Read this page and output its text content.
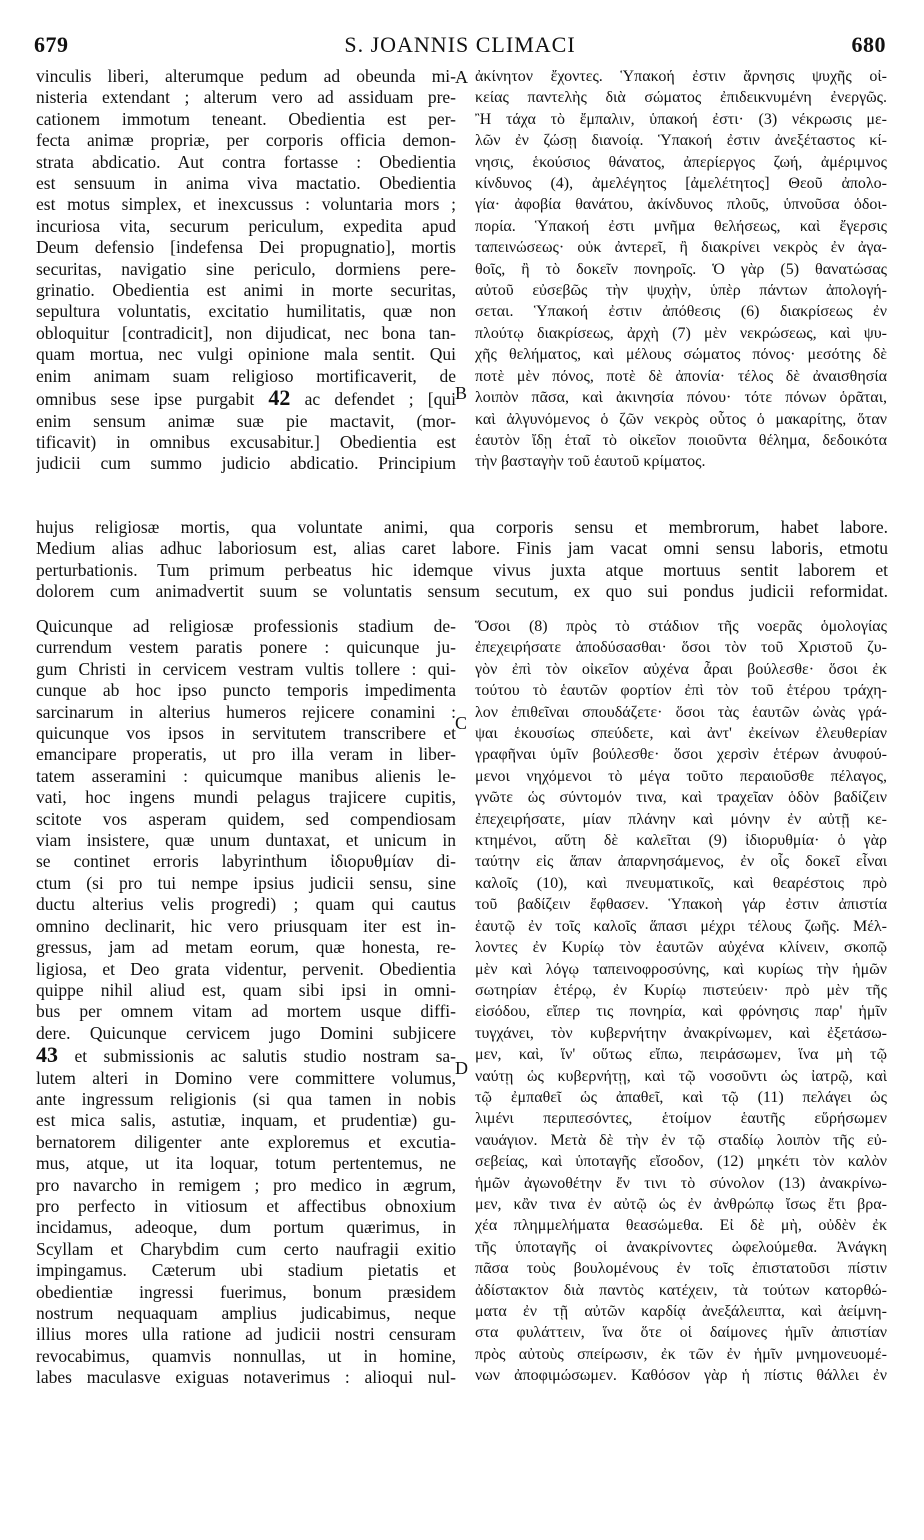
679	S. JOANNIS CLIMACI	680
vinculis liberi, alterumque pedum ad obeunda mi-
nisteria extendant ; alterum vero ad assiduam pre-
cationem immotum teneant. Obedientia est per-
fecta animæ propriæ, per corporis officia demon-
strata abdicatio. Aut contra fortasse : Obedientia
est sensuum in anima viva mactatio. Obedientia
est motus simplex, et inexcussus : voluntaria mors ;
incuriosa vita, securum periculum, expedita apud
Deum defensio [indefensa Dei propugnatio], mortis
securitas, navigatio sine periculo, dormiens pere-
grinatio. Obedientia est animi in morte securitas,
sepultura voluntatis, excitatio humilitatis, quæ non
obloquitur [contradicit], non dijudicat, nec bona tan-
quam mortua, nec vulgi opinione mala sentit. Qui
enim animam suam religioso mortificaverit, de
omnibus sese ipse purgabit 42 ac defendet ; [qui
enim sensum animæ suæ pie mactavit, (mor-
tificavit) in omnibus excusabitur.] Obedientia est
judicii cum summo judicio abdicatio. Principium
ἀκίνητον ἔχοντες. Ὑπακοή ἐστιν ἄρνησις ψυχῆς οἰ-
κείας παντελὴς διὰ σώματος ἐπιδεικνυμένη ἐνεργῶς.
Ἢ τάχα τὸ ἔμπαλιν, ὑπακοή ἐστι· (3) νέκρωσις με-
λῶν ἐν ζώσῃ διανοίᾳ. Ὑπακοή ἐστιν ἀνεξέταστος κί-
νησις, ἑκούσιος θάνατος, ἀπερίεργος ζωή, ἀμέριμνος
κίνδυνος (4), ἀμελέγητος [ἀμελέτητος] Θεοῦ ἀπολο-
γία· ἀφοβία θανάτου, ἀκίνδυνος πλοῦς, ὑπνοῦσα ὁδοι-
πορία. Ὑπακοή ἐστι μνῆμα θελήσεως, καὶ ἔγερσις
ταπεινώσεως· οὐκ ἀντερεῖ, ἢ διακρίνει νεκρὸς ἐν ἀγα-
θοῖς, ἢ τὸ δοκεῖν πονηροῖς. Ὁ γὰρ (5) θανατώσας
αὐτοῦ εὐσεβῶς τὴν ψυχὴν, ὑπὲρ πάντων ἀπολογή-
σεται. Ὑπακοή ἐστιν ἀπόθεσις (6) διακρίσεως ἐν
πλούτῳ διακρίσεως, ἀρχὴ (7) μὲν νεκρώσεως, καὶ ψυ-
χῆς θελήματος, καὶ μέλους σώματος πόνος· μεσότης δὲ
ποτὲ μὲν πόνος, ποτὲ δὲ ἀπονία· τέλος δὲ ἀναισθησία
λοιπὸν πᾶσα, καὶ ἀκινησία πόνου· τότε πόνων ὁρᾶται,
καὶ ἀλγυνόμενος ὁ ζῶν νεκρὸς οὗτος ὁ μακαρίτης, ὅταν
ἑαυτὸν ἴδῃ ἑταῖ τὸ οἰκεῖον ποιοῦντα θέλημα, δεδοικότα
τὴν βασταγὴν τοῦ ἑαυτοῦ κρίματος.
A
B
hujus religiosæ mortis, qua voluntate animi, qua corporis sensu et membrorum, habet labore.
Medium alias adhuc laboriosum est, alias caret labore. Finis jam vacat omni sensu laboris, etmotu
perturbationis. Tum primum perbeatus hic idemque vivus juxta atque mortuus sentit laborem et
dolorem cum animadvertit suum se voluntatis sensum secutum, ex quo sui pondus judicii reformidat.
Quicunque ad religiosæ professionis stadium de-
currendum vestem paratis ponere : quicunque ju-
gum Christi in cervicem vestram vultis tollere : qui-
cunque ab hoc ipso puncto temporis impedimenta
sarcinarum in alterius humeros rejicere conamini :
quicunque vos ipsos in servitutem transcribere et
emancipare properatis, ut pro illa veram in liber-
tatem asseramini : quicumque manibus alienis le-
vati, hoc ingens mundi pelagus trajicere cupitis,
scitote vos asperam quidem, sed compendiosam
viam insistere, quæ unum duntaxat, et unicum in
se continet erroris labyrinthum ἰδιορυθμίαν di-
ctum (si pro tui nempe ipsius judicii sensu, sine
ductu alterius velis progredi) ; quam qui cautus
omnino declinarit, hic vero priusquam iter est in-
gressus, jam ad metam eorum, quæ honesta, re-
ligiosa, et Deo grata videntur, pervenit. Obedientia
quippe nihil aliud est, quam sibi ipsi in omni-
bus per omnem vitam ad mortem usque diffi-
dere. Quicunque cervicem jugo Domini subjicere
43 et submissionis ac salutis studio nostram sa-
lutem alteri in Domino vere committere volumus,
ante ingressum religionis (si qua tamen in nobis
est mica salis, astutiæ, inquam, et prudentiæ) gu-
bernatorem diligenter ante exploremus et excutia-
mus, atque, ut ita loquar, totum pertentemus, ne
pro navarcho in remigem ; pro medico in ægrum,
pro perfecto in vitiosum et affectibus obnoxium
incidamus, adeoque, dum portum quærimus, in
Scyllam et Charybdim cum certo naufragii exitio
impingamus. Cæterum ubi stadium pietatis et
obedientiæ ingressi fuerimus, bonum præsidem
nostrum nequaquam amplius judicabimus, neque
illius mores ulla ratione ad judicii nostri censuram
revocabimus, quamvis nonnullas, ut in homine,
labes maculasve exiguas notaverimus : alioqui nul-
Ὅσοι (8) πρὸς τὸ στάδιον τῆς νοερᾶς ὁμολογίας
ἐπεχειρήσατε ἀποδύσασθαι· ὅσοι τὸν τοῦ Χριστοῦ ζυ-
γὸν ἐπὶ τὸν οἰκεῖον αὐχένα ἆραι βούλεσθε· ὅσοι ἐκ
τούτου τὸ ἑαυτῶν φορτίον ἐπὶ τὸν τοῦ ἑτέρου τράχη-
λον ἐπιθεῖναι σπουδάζετε· ὅσοι τὰς ἑαυτῶν ὠνὰς γρά-
ψαι ἑκουσίως σπεύδετε, καὶ ἀντ' ἐκείνων ἐλευθερίαν
γραφῆναι ὑμῖν βούλεσθε· ὅσοι χερσὶν ἑτέρων ἀνυφού-
μενοι νηχόμενοι τὸ μέγα τοῦτο περαιοῦσθε πέλαγος,
γνῶτε ὡς σύντομόν τινα, καὶ τραχεῖαν ὁδὸν βαδίζειν
ἐπεχειρήσατε, μίαν πλάνην καὶ μόνην ἐν αὐτῇ κε-
κτημένοι, αὕτη δὲ καλεῖται (9) ἰδιορυθμία· ὁ γὰρ
ταύτην εἰς ἅπαν ἀπαρνησάμενος, ἐν οἷς δοκεῖ εἶναι
καλοῖς (10), καὶ πνευματικοῖς, καὶ θεαρέστοις πρὸ
τοῦ βαδίζειν ἔφθασεν. Ὑπακοὴ γάρ ἐστιν ἀπιστία
ἑαυτῷ ἐν τοῖς καλοῖς ἅπασι μέχρι τέλους ζωῆς. Μέλ-
λοντες ἐν Κυρίῳ τὸν ἑαυτῶν αὐχένα κλίνειν, σκοπῷ
μὲν καὶ λόγῳ ταπεινοφροσύνης, καὶ κυρίως τὴν ἡμῶν
σωτηρίαν ἑτέρῳ, ἐν Κυρίῳ πιστεύειν· πρὸ μὲν τῆς
εἰσόδου, εἴπερ τις πονηρία, καὶ φρόνησις παρ' ἡμῖν
τυγχάνει, τὸν κυβερνήτην ἀνακρίνωμεν, καὶ ἐξετάσω-
μεν, καὶ, ἵν' οὕτως εἴπω, πειράσωμεν, ἵνα μὴ τῷ
ναύτῃ ὡς κυβερνήτῃ, καὶ τῷ νοσοῦντι ὡς ἰατρῷ, καὶ
τῷ ἐμπαθεῖ ὡς ἀπαθεῖ, καὶ τῷ (11) πελάγει ὡς
λιμένι περιπεσόντες, ἑτοίμον ἑαυτῆς εὕρήσωμεν
ναυάγιον. Μετὰ δὲ τὴν ἐν τῷ σταδίῳ λοιπὸν τῆς εὐ-
σεβείας, καὶ ὑποταγῆς εἴσοδον, (12) μηκέτι τὸν καλὸν
ἡμῶν ἀγωνοθέτην ἔν τινι τὸ σύνολον (13) ἀνακρίνω-
μεν, κἂν τινα ἐν αὐτῷ ὡς ἐν ἀνθρώπῳ ἴσως ἔτι βρα-
χέα πλημμελήματα θεασώμεθα. Εἰ δὲ μὴ, οὐδὲν ἐκ
τῆς ὑποταγῆς οἱ ἀνακρίνοντες ὠφελούμεθα. Ἀνάγκη
πᾶσα τοὺς βουλομένους ἐν τοῖς ἐπιστατοῦσι πίστιν
ἀδίστακτον διὰ παντὸς κατέχειν, τὰ τούτων κατορθώ-
ματα ἐν τῇ αὐτῶν καρδίᾳ ἀνεξάλειπτα, καὶ ἀείμνη-
στα φυλάττειν, ἵνα ὅτε οἱ δαίμονες ἡμῖν ἀπιστίαν
πρὸς αὐτοὺς σπείρωσιν, ἐκ τῶν ἐν ἡμῖν μνημονευομέ-
νων ἀποφιμώσωμεν. Καθόσον γὰρ ἡ πίστις θάλλει ἐν
C
D
